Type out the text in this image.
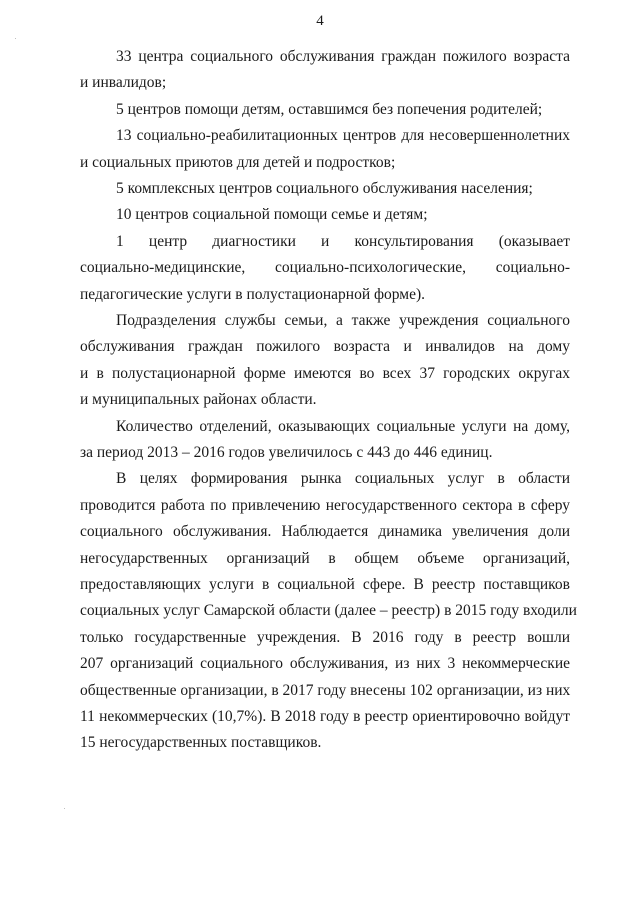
4
33 центра социального обслуживания граждан пожилого возраста
и инвалидов;
5 центров помощи детям, оставшимся без попечения родителей;
13 социально-реабилитационных центров для несовершеннолетних
и социальных приютов для детей и подростков;
5 комплексных центров социального обслуживания населения;
10 центров социальной помощи семье и детям;
1 центр диагностики и консультирования (оказывает
социально-медицинские, социально-психологические, социально-
педагогические услуги в полустационарной форме).
Подразделения службы семьи, а также учреждения социального
обслуживания граждан пожилого возраста и инвалидов на дому
и в полустационарной форме имеются во всех 37 городских округах
и муниципальных районах области.
Количество отделений, оказывающих социальные услуги на дому,
за период 2013 – 2016 годов увеличилось с 443 до 446 единиц.
В целях формирования рынка социальных услуг в области
проводится работа по привлечению негосударственного сектора в сферу
социального обслуживания. Наблюдается динамика увеличения доли
негосударственных организаций в общем объеме организаций,
предоставляющих услуги в социальной сфере. В реестр поставщиков
социальных услуг Самарской области (далее – реестр) в 2015 году входили
только государственные учреждения. В 2016 году в реестр вошли
207 организаций социального обслуживания, из них 3 некоммерческие
общественные организации, в 2017 году внесены 102 организации, из них
11 некоммерческих (10,7%). В 2018 году в реестр ориентировочно войдут
15 негосударственных поставщиков.
